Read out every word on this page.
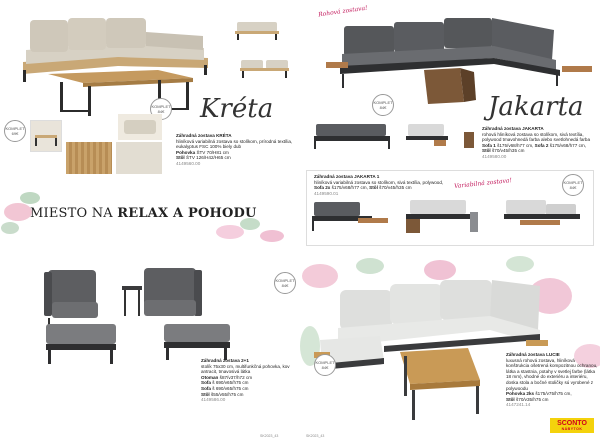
Kréta
KOMPLET
84€
KOMPLET
69€	Záhradná zostava KRÉTA
hliníková variabilná zostava so stolíkom, prírodná textília, eukalyptus FSC 100% biely dub
Pohovka ŠTV 70/H81 cm
Stôl ŠTV 126/H42/H65 cm
4149560.00
MIESTO NA RELAX A POHODU
KOMPLET
84€
Záhradná zostava 2+1
stolík 75x30 cm, multifunkčná pohovka, kov antracit, tmavosivá látka
Otoman š87/v37/h72 cm
Sofa š 690/v65/h75 cm
Sofa š 690/v65/h75 cm
Stôl š55/v55/h75 cm
4149586.00
SK2023_43
Rohová zostava!
KOMPLET
84€	Jakarta
Záhradná zostava JAKARTA
rohová hliníková zostava so stolíkom, sivá textília, polywood tmavohnedá farba alebo svetlohnedá farba
Sofa 1 š175/v68/h77 cm, Sofa 2 š175/v68/h77 cm,
Stôl š70/v45/h35 cm
4149580.00
Záhradná zostava JAKARTA 1
hliníková variabilná zostava so stolíkom, sivá textília, polywood,
Sofa 2x š175/v68/h77 cm, Stôl š70/v45/h35 cm
4149590.01
Variabilná zostava!	KOMPLET
84€
KOMPLET
84€
Záhradná zostava LUCIE
luxusná rohová zostava, hliníková konštrukcia ošetrená kompozitnou ochranou, látka a stastnia, potahy v svetlej farbe (látka 18 mm), vhodné do exteriéru a interiéru, doska stola a bočné stoličky sú vyrobené z polywoodu
Pohovka 2ks š175/v75/h75 cm,
Stôl š70/v35/h75 cm
4147241.14
SK2023_43
SCONTO
NÁBYTOK
